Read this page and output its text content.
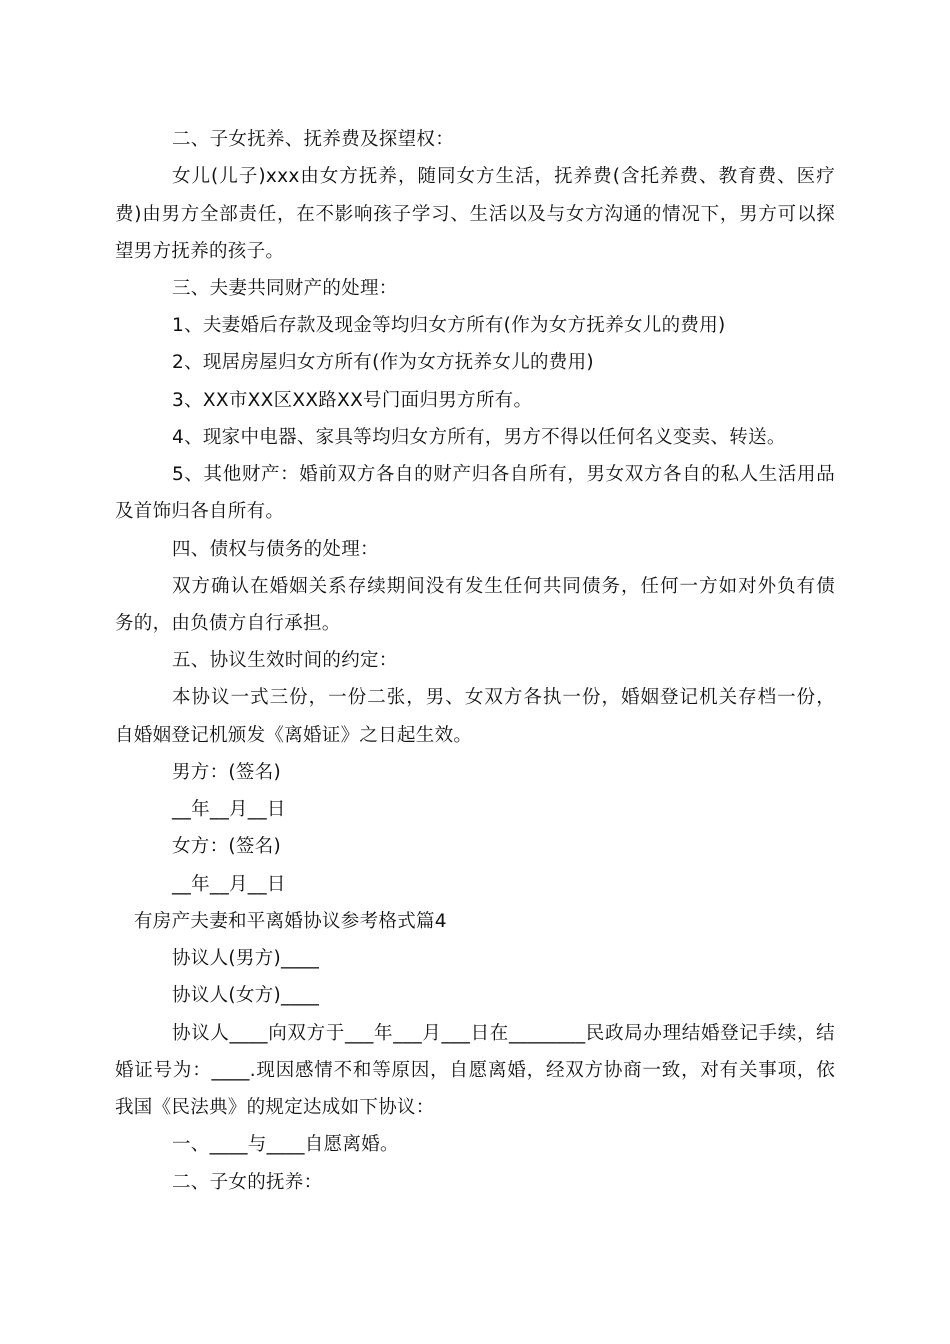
二、子女抚养、抚养费及探望权：
女儿(儿子)xxx由女方抚养，随同女方生活，抚养费(含托养费、教育费、医疗
费)由男方全部责任，在不影响孩子学习、生活以及与女方沟通的情况下，男方可以探
望男方抚养的孩子。
三、夫妻共同财产的处理：
1、夫妻婚后存款及现金等均归女方所有(作为女方抚养女儿的费用)
2、现居房屋归女方所有(作为女方抚养女儿的费用)
3、XX市XX区XX路XX号门面归男方所有。
4、现家中电器、家具等均归女方所有，男方不得以任何名义变卖、转送。
5、其他财产：婚前双方各自的财产归各自所有，男女双方各自的私人生活用品
及首饰归各自所有。
四、债权与债务的处理：
双方确认在婚姻关系存续期间没有发生任何共同债务，任何一方如对外负有债
务的，由负债方自行承担。
五、协议生效时间的约定：
本协议一式三份，一份二张，男、女双方各执一份，婚姻登记机关存档一份，
自婚姻登记机颁发《离婚证》之日起生效。
男方：(签名)
__年__月__日
女方：(签名)
__年__月__日
有房产夫妻和平离婚协议参考格式篇4
协议人(男方)____
协议人(女方)____
协议人____向双方于___年___月___日在________民政局办理结婚登记手续，结
婚证号为：____.现因感情不和等原因，自愿离婚，经双方协商一致，对有关事项，依
我国《民法典》的规定达成如下协议：
一、____与____自愿离婚。
二、子女的抚养：
